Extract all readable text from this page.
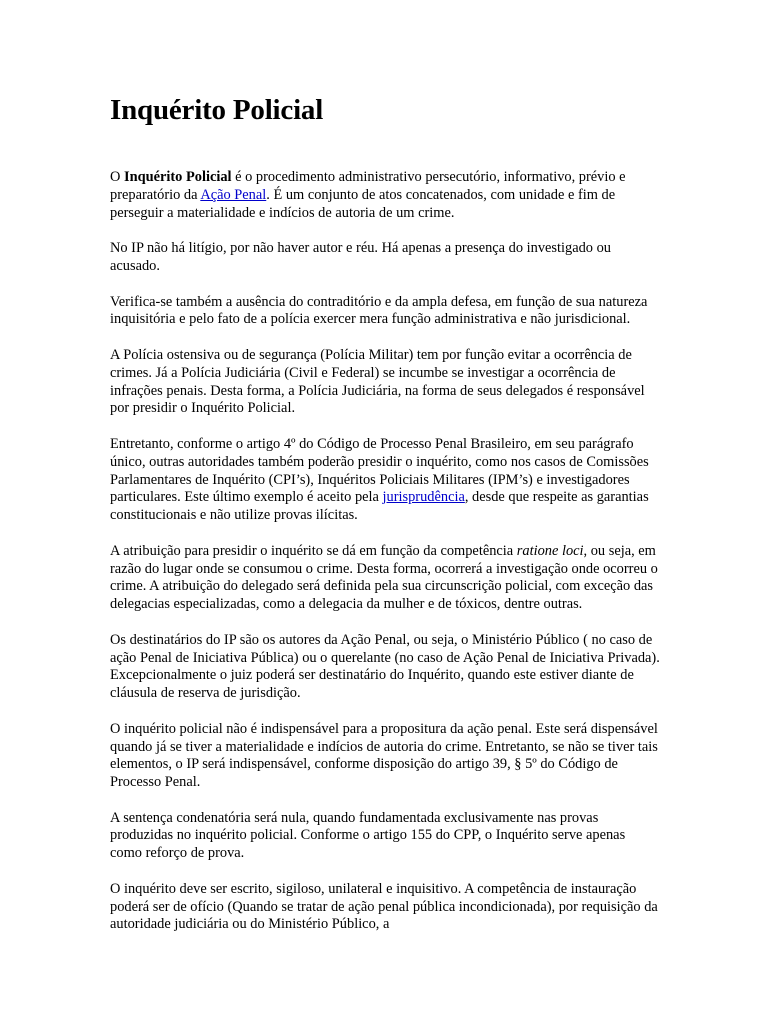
Inquérito Policial

O Inquérito Policial é o procedimento administrativo persecutório, informativo, prévio e preparatório da Ação Penal. É um conjunto de atos concatenados, com unidade e fim de perseguir a materialidade e indícios de autoria de um crime.

No IP não há litígio, por não haver autor e réu. Há apenas a presença do investigado ou acusado.

Verifica-se também a ausência do contraditório e da ampla defesa, em função de sua natureza inquisitória e pelo fato de a polícia exercer mera função administrativa e não jurisdicional.

A Polícia ostensiva ou de segurança (Polícia Militar) tem por função evitar a ocorrência de crimes. Já a Polícia Judiciária (Civil e Federal) se incumbe se investigar a ocorrência de infrações penais. Desta forma, a Polícia Judiciária, na forma de seus delegados é responsável por presidir o Inquérito Policial.

Entretanto, conforme o artigo 4º do Código de Processo Penal Brasileiro, em seu parágrafo único, outras autoridades também poderão presidir o inquérito, como nos casos de Comissões Parlamentares de Inquérito (CPI’s), Inquéritos Policiais Militares (IPM’s) e investigadores particulares. Este último exemplo é aceito pela jurisprudência, desde que respeite as garantias constitucionais e não utilize provas ilícitas.

A atribuição para presidir o inquérito se dá em função da competência ratione loci, ou seja, em razão do lugar onde se consumou o crime. Desta forma, ocorrerá a investigação onde ocorreu o crime. A atribuição do delegado será definida pela sua circunscrição policial, com exceção das delegacias especializadas, como a delegacia da mulher e de tóxicos, dentre outras.

Os destinatários do IP são os autores da Ação Penal, ou seja, o Ministério Público ( no caso de ação Penal de Iniciativa Pública) ou o querelante (no caso de Ação Penal de Iniciativa Privada). Excepcionalmente o juiz poderá ser destinatário do Inquérito, quando este estiver diante de cláusula de reserva de jurisdição.

O inquérito policial não é indispensável para a propositura da ação penal. Este será dispensável quando já se tiver a materialidade e indícios de autoria do crime. Entretanto, se não se tiver tais elementos, o IP será indispensável, conforme disposição do artigo 39, § 5º do Código de Processo Penal.

A sentença condenatória será nula, quando fundamentada exclusivamente nas provas produzidas no inquérito policial. Conforme o artigo 155 do CPP, o Inquérito serve apenas como reforço de prova.

O inquérito deve ser escrito, sigiloso, unilateral e inquisitivo. A competência de instauração poderá ser de ofício (Quando se tratar de ação penal pública incondicionada), por requisição da autoridade judiciária ou do Ministério Público, a
